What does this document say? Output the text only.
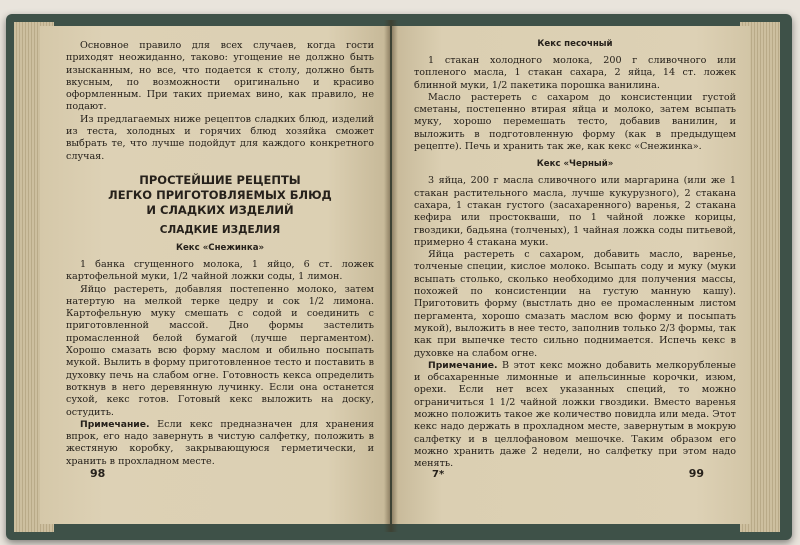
Основное правило для всех случаев, когда гости приходят неожиданно, таково: угощение не должно быть изысканным, но все, что подается к столу, должно быть вкусным, по возможности оригинально и красиво оформленным. При таких приемах вино, как правило, не подают.

Из предлагаемых ниже рецептов сладких блюд, изделий из теста, холодных и горячих блюд хозяйка сможет выбрать те, что лучше подойдут для каждого конкретного случая.

ПРОСТЕЙШИЕ РЕЦЕПТЫ

ЛЕГКО ПРИГОТОВЛЯЕМЫХ БЛЮД

И СЛАДКИХ ИЗДЕЛИЙ

СЛАДКИЕ ИЗДЕЛИЯ

Кекс «Снежинка»

1 банка сгущенного молока, 1 яйцо, 6 ст. ложек картофельной муки, 1/2 чайной ложки соды, 1 лимон.

Яйцо растереть, добавляя постепенно молоко, затем натертую на мелкой терке цедру и сок 1/2 лимона. Картофельную муку смешать с содой и соединить с приготовленной массой. Дно формы застелить промасленной белой бумагой (лучше пергаментом). Хорошо смазать всю форму маслом и обильно посыпать мукой. Вылить в форму приготовленное тесто и поставить в духовку печь на слабом огне. Готовность кекса определить воткнув в него деревянную лучинку. Если она останется сухой, кекс готов. Готовый кекс выложить на доску, остудить.

Примечание. Если кекс предназначен для хранения впрок, его надо завернуть в чистую салфетку, положить в жестяную коробку, закрывающуюся герметически, и хранить в прохладном месте.

98

Кекс песочный

1 стакан холодного молока, 200 г сливочного или топленого масла, 1 стакан сахара, 2 яйца, 14 ст. ложек блинной муки, 1/2 пакетика порошка ванилина.

Масло растереть с сахаром до консистенции густой сметаны, постепенно втирая яйца и молоко, затем всыпать муку, хорошо перемешать тесто, добавив ванилин, и выложить в подготовленную форму (как в предыдущем рецепте). Печь и хранить так же, как кекс «Снежинка».

Кекс «Черный»

3 яйца, 200 г масла сливочного или маргарина (или же 1 стакан растительного масла, лучше кукурузного), 2 стакана сахара, 1 стакан густого (засахаренного) варенья, 2 стакана кефира или простокваши, по 1 чайной ложке корицы, гвоздики, бадьяна (толченых), 1 чайная ложка соды питьевой, примерно 4 стакана муки.

Яйца растереть с сахаром, добавить масло, варенье, толченые специи, кислое молоко. Всыпать соду и муку (муки всыпать столько, сколько необходимо для получения массы, похожей по консистенции на густую манную кашу). Приготовить форму (выстлать дно ее промасленным листом пергамента, хорошо смазать маслом всю форму и посыпать мукой), выложить в нее тесто, заполнив только 2/3 формы, так как при выпечке тесто сильно поднимается. Испечь кекс в духовке на слабом огне.

Примечание. В этот кекс можно добавить мелкорубленые и обсахаренные лимонные и апельсинные корочки, изюм, орехи. Если нет всех указанных специй, то можно ограничиться 1 1/2 чайной ложки гвоздики. Вместо варенья можно положить такое же количество повидла или меда. Этот кекс надо держать в прохладном месте, завернутым в мокрую салфетку и в целлофановом мешочке. Таким образом его можно хранить даже 2 недели, но салфетку при этом надо менять.

7*	99
